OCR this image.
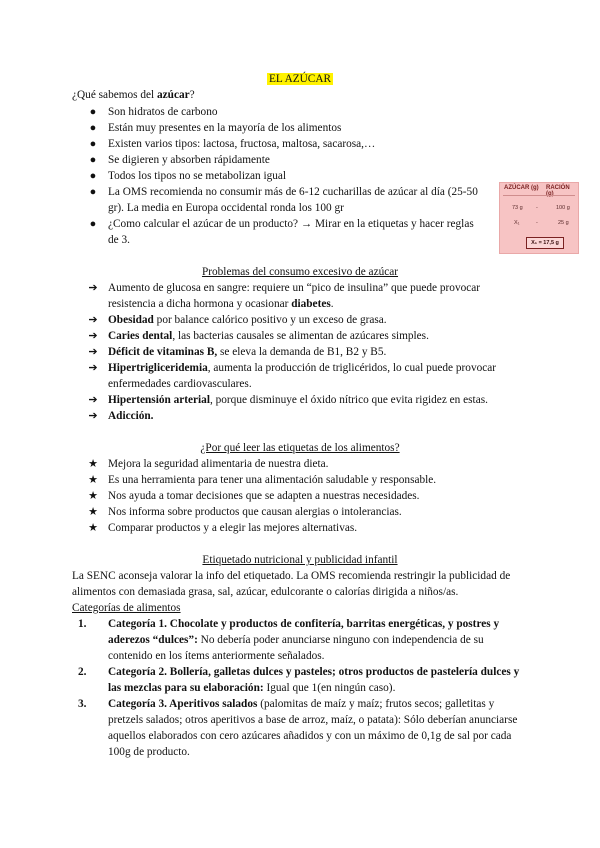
EL AZÚCAR
¿Qué sabemos del azúcar?
●	Son hidratos de carbono
●	Están muy presentes en la mayoría de los alimentos
●	Existen varios tipos: lactosa, fructosa, maltosa, sacarosa,…
●	Se digieren y absorben rápidamente
●	Todos los tipos no se metabolizan igual
●	La OMS recomienda no consumir más de 6-12 cucharillas de azúcar al día (25-50 gr). La media en Europa occidental ronda los 100 gr
●	¿Como calcular el azúcar de un producto? → Mirar en la etiquetas y hacer reglas de 3.
AZÚCAR (g) RACIÓN (g)
73 g -	100 g
X₁	-	25 g
X₁ = 17,5 g
Problemas del consumo excesivo de azúcar
➔ Aumento de glucosa en sangre: requiere un “pico de insulina” que puede provocar resistencia a dicha hormona y ocasionar diabetes.
➔ Obesidad por balance calórico positivo y un exceso de grasa.
➔ Caries dental, las bacterias causales se alimentan de azúcares simples.
➔ Déficit de vitaminas B, se eleva la demanda de B1, B2 y B5.
➔ Hipertrigliceridemia, aumenta la producción de triglicéridos, lo cual puede provocar enfermedades cardiovasculares.
➔ Hipertensión arterial, porque disminuye el óxido nítrico que evita rigidez en estas.
➔ Adicción.
¿Por qué leer las etiquetas de los alimentos?
★ Mejora la seguridad alimentaria de nuestra dieta.
★ Es una herramienta para tener una alimentación saludable y responsable.
★ Nos ayuda a tomar decisiones que se adapten a nuestras necesidades.
★ Nos informa sobre productos que causan alergias o intolerancias.
★ Comparar productos y a elegir las mejores alternativas.
Etiquetado nutricional y publicidad infantil
La SENC aconseja valorar la info del etiquetado. La OMS recomienda restringir la publicidad de alimentos con demasiada grasa, sal, azúcar, edulcorante o calorías dirigida a niños/as.
Categorías de alimentos
1. Categoría 1. Chocolate y productos de confitería, barritas energéticas, y postres y aderezos “dulces”: No debería poder anunciarse ninguno con independencia de su contenido en los ítems anteriormente señalados.
2. Categoría 2. Bollería, galletas dulces y pasteles; otros productos de pastelería dulces y las mezclas para su elaboración: Igual que 1(en ningún caso).
3. Categoría 3. Aperitivos salados (palomitas de maíz y maíz; frutos secos; galletitas y pretzels salados; otros aperitivos a base de arroz, maíz, o patata): Sólo deberían anunciarse aquellos elaborados con cero azúcares añadidos y con un máximo de 0,1g de sal por cada 100g de producto.
